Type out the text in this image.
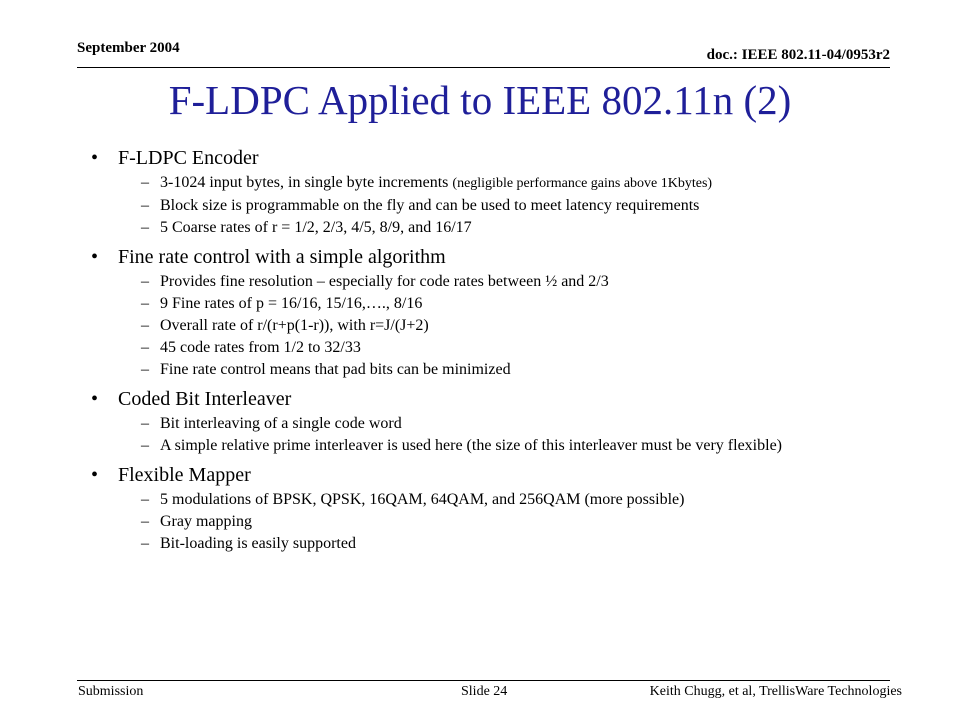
September 2004	doc.: IEEE 802.11-04/0953r2
F-LDPC Applied to IEEE 802.11n (2)
• F-LDPC Encoder
– 3-1024 input bytes, in single byte increments (negligible performance gains above 1Kbytes)
– Block size is programmable on the fly and can be used to meet latency requirements
– 5 Coarse rates of r = 1/2, 2/3, 4/5, 8/9, and 16/17
• Fine rate control with a simple algorithm
– Provides fine resolution – especially for code rates between ½ and 2/3
– 9 Fine rates of p = 16/16, 15/16,…., 8/16
– Overall rate of r/(r+p(1-r)), with r=J/(J+2)
– 45 code rates from 1/2 to 32/33
– Fine rate control means that pad bits can be minimized
• Coded Bit Interleaver
– Bit interleaving of a single code word
– A simple relative prime interleaver is used here (the size of this interleaver must be very flexible)
• Flexible Mapper
– 5 modulations of BPSK, QPSK, 16QAM, 64QAM, and 256QAM (more possible)
– Gray mapping
– Bit-loading is easily supported
Submission	Slide 24	Keith Chugg, et al, TrellisWare Technologies
